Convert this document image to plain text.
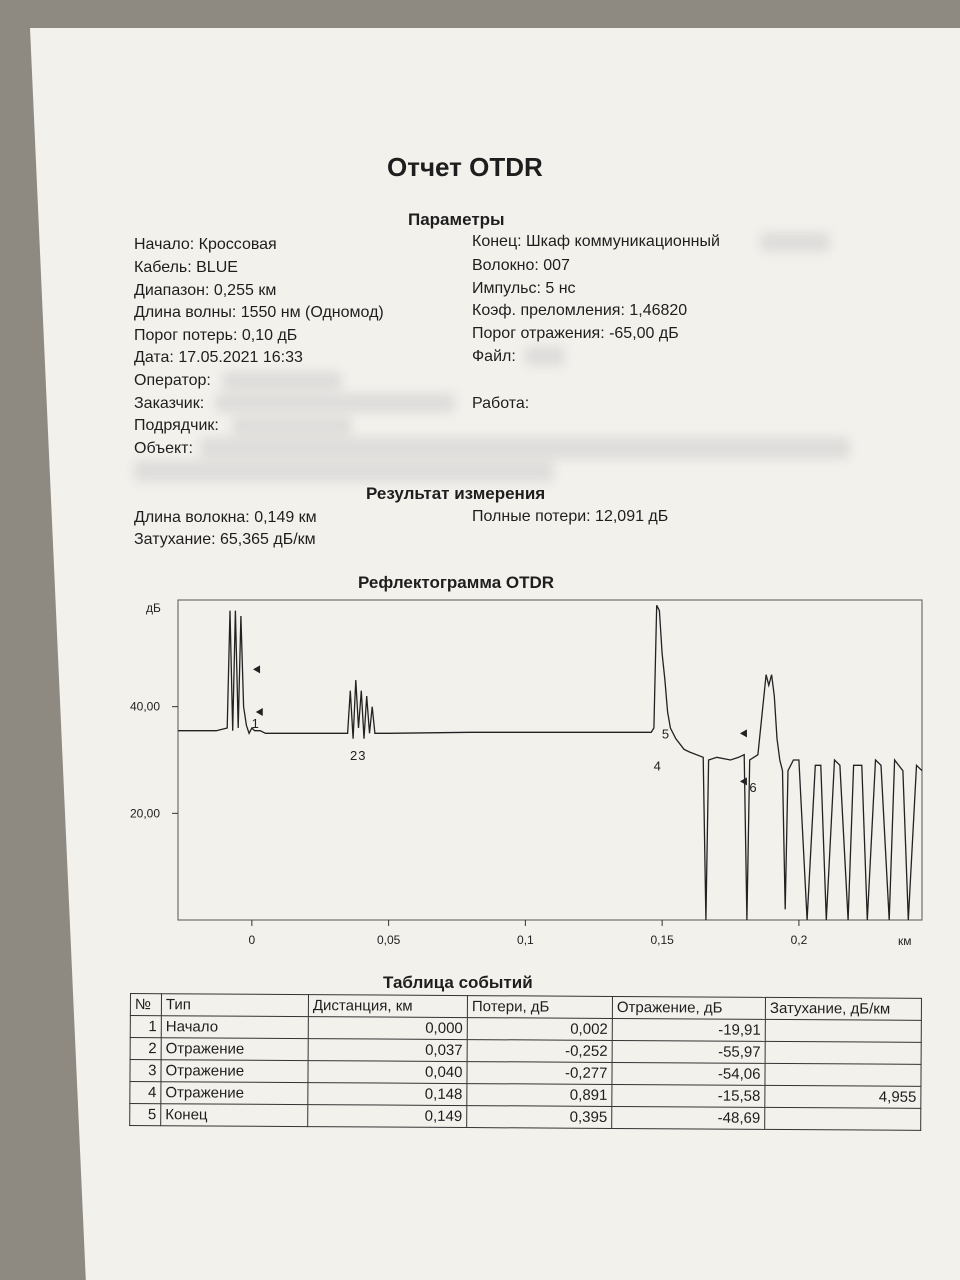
Отчет OTDR
Параметры
Начало: Кроссовая
Кабель: BLUE
Диапазон: 0,255 км
Длина волны: 1550 нм (Одномод)
Порог потерь: 0,10 дБ
Дата: 17.05.2021 16:33
Оператор:
Заказчик:
Подрядчик:
Объект:
Конец: Шкаф коммуникационный
Волокно: 007
Импульс: 5 нс
Коэф. преломления: 1,46820
Порог отражения: -65,00 дБ
Файл:
Работа:
Результат измерения
Длина волокна: 0,149 км
Затухание: 65,365 дБ/км
Полные потери: 12,091 дБ
Рефлектограмма OTDR
дБ
км
20,00
40,00
0	0,05	0,1	0,15	0,2
1
2 3
4
5
6
Таблица событий
№	Тип	Дистанция, км	Потери, дБ	Отражение, дБ	Затухание, дБ/км
1	Начало	0,000	0,002	-19,91	
2	Отражение	0,037	-0,252	-55,97	
3	Отражение	0,040	-0,277	-54,06	
4	Отражение	0,148	0,891	-15,58	4,955
5	Конец	0,149	0,395	-48,69	
